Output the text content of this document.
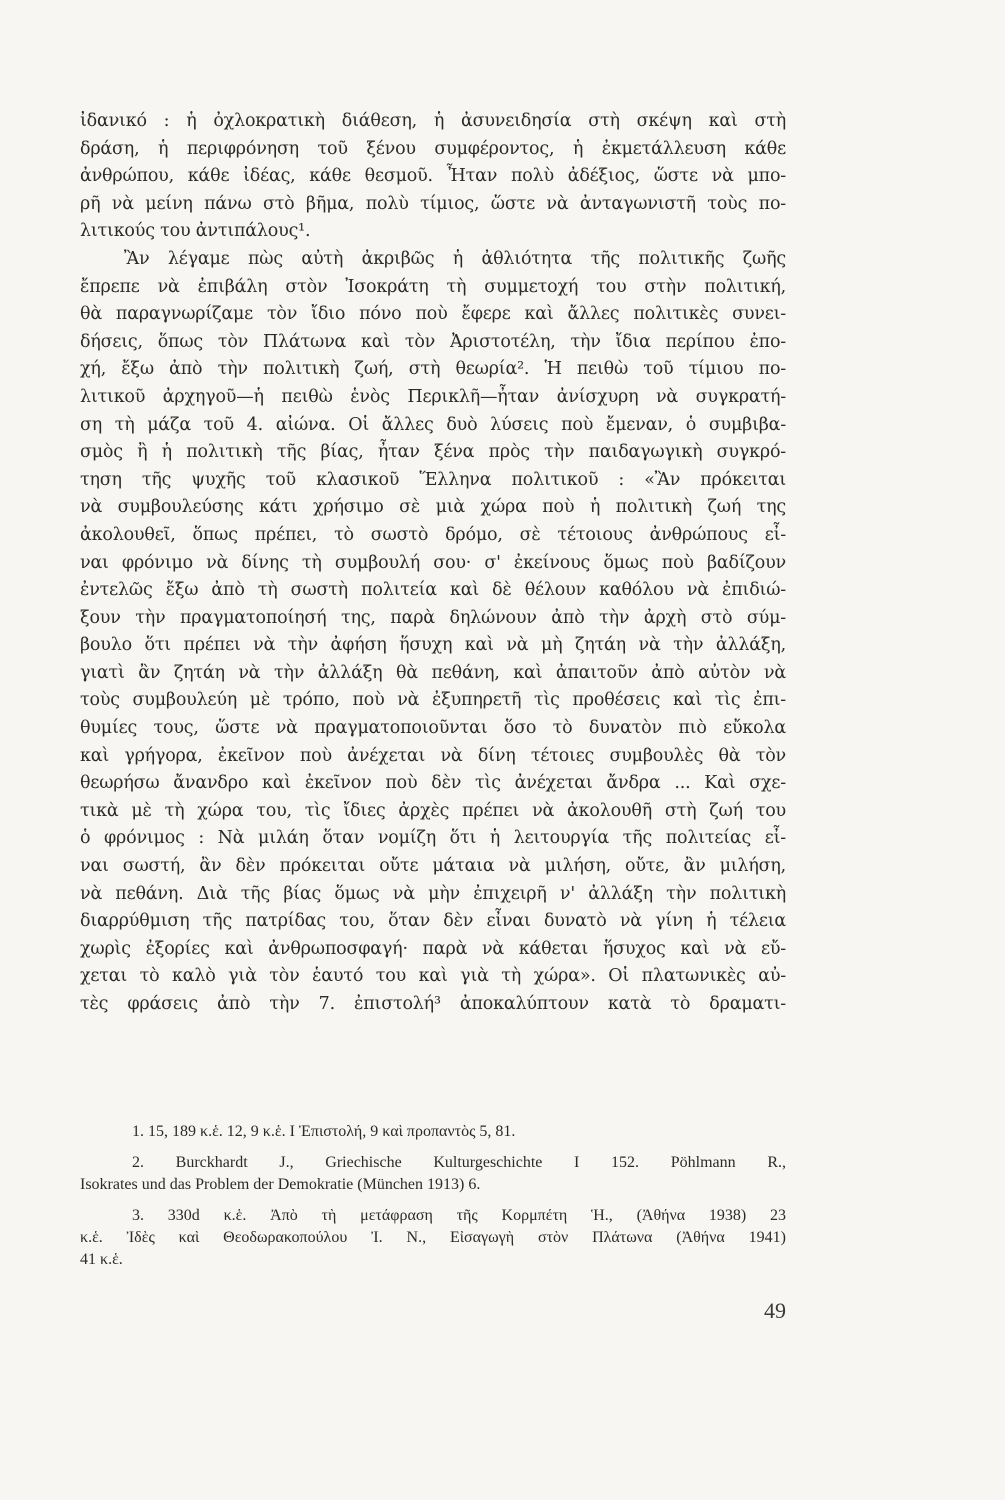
ἰδανικό : ἡ ὀχλοκρατικὴ διάθεση, ἡ ἀσυνειδησία στὴ σκέψη καὶ στὴ
δράση, ἡ περιφρόνηση τοῦ ξένου συμφέροντος, ἡ ἐκμετάλλευση κάθε
ἀνθρώπου, κάθε ἰδέας, κάθε θεσμοῦ. Ἦταν πολὺ ἀδέξιος, ὥστε νὰ μπο-
ρῆ νὰ μείνη πάνω στὸ βῆμα, πολὺ τίμιος, ὥστε νὰ ἀνταγωνιστῆ τοὺς πο-
λιτικούς του ἀντιπάλους¹.
Ἂν λέγαμε πὼς αὐτὴ ἀκριβῶς ἡ ἀθλιότητα τῆς πολιτικῆς ζωῆς
ἔπρεπε νὰ ἐπιβάλη στὸν Ἰσοκράτη τὴ συμμετοχή του στὴν πολιτική,
θὰ παραγνωρίζαμε τὸν ἴδιο πόνο ποὺ ἔφερε καὶ ἄλλες πολιτικὲς συνει-
δήσεις, ὅπως τὸν Πλάτωνα καὶ τὸν Ἀριστοτέλη, τὴν ἴδια περίπου ἐπο-
χή, ἔξω ἀπὸ τὴν πολιτικὴ ζωή, στὴ θεωρία². Ἡ πειθὼ τοῦ τίμιου πο-
λιτικοῦ ἀρχηγοῦ—ἡ πειθὼ ἑνὸς Περικλῆ—ἦταν ἀνίσχυρη νὰ συγκρατή-
ση τὴ μάζα τοῦ 4. αἰώνα. Οἱ ἄλλες δυὸ λύσεις ποὺ ἔμεναν, ὁ συμβιβα-
σμὸς ἢ ἡ πολιτικὴ τῆς βίας, ἦταν ξένα πρὸς τὴν παιδαγωγικὴ συγκρό-
τηση τῆς ψυχῆς τοῦ κλασικοῦ Ἕλληνα πολιτικοῦ : «Ἂν πρόκειται
νὰ συμβουλεύσης κάτι χρήσιμο σὲ μιὰ χώρα ποὺ ἡ πολιτικὴ ζωή της
ἀκολουθεῖ, ὅπως πρέπει, τὸ σωστὸ δρόμο, σὲ τέτοιους ἀνθρώπους εἶ-
ναι φρόνιμο νὰ δίνης τὴ συμβουλή σου· σ' ἐκείνους ὅμως ποὺ βαδίζουν
ἐντελῶς ἔξω ἀπὸ τὴ σωστὴ πολιτεία καὶ δὲ θέλουν καθόλου νὰ ἐπιδιώ-
ξουν τὴν πραγματοποίησή της, παρὰ δηλώνουν ἀπὸ τὴν ἀρχὴ στὸ σύμ-
βουλο ὅτι πρέπει νὰ τὴν ἀφήση ἥσυχη καὶ νὰ μὴ ζητάη νὰ τὴν ἀλλάξη,
γιατὶ ἂν ζητάη νὰ τὴν ἀλλάξη θὰ πεθάνη, καὶ ἀπαιτοῦν ἀπὸ αὐτὸν νὰ
τοὺς συμβουλεύη μὲ τρόπο, ποὺ νὰ ἐξυπηρετῆ τὶς προθέσεις καὶ τὶς ἐπι-
θυμίες τους, ὥστε νὰ πραγματοποιοῦνται ὅσο τὸ δυνατὸν πιὸ εὔκολα
καὶ γρήγορα, ἐκεῖνον ποὺ ἀνέχεται νὰ δίνη τέτοιες συμβουλὲς θὰ τὸν
θεωρήσω ἄνανδρο καὶ ἐκεῖνον ποὺ δὲν τὶς ἀνέχεται ἄνδρα ... Καὶ σχε-
τικὰ μὲ τὴ χώρα του, τὶς ἴδιες ἀρχὲς πρέπει νὰ ἀκολουθῆ στὴ ζωή του
ὁ φρόνιμος : Νὰ μιλάη ὅταν νομίζη ὅτι ἡ λειτουργία τῆς πολιτείας εἶ-
ναι σωστή, ἂν δὲν πρόκειται οὔτε μάταια νὰ μιλήση, οὔτε, ἂν μιλήση,
νὰ πεθάνη. Διὰ τῆς βίας ὅμως νὰ μὴν ἐπιχειρῆ ν' ἀλλάξη τὴν πολιτικὴ
διαρρύθμιση τῆς πατρίδας του, ὅταν δὲν εἶναι δυνατὸ νὰ γίνη ἡ τέλεια
χωρὶς ἐξορίες καὶ ἀνθρωποσφαγή· παρὰ νὰ κάθεται ἥσυχος καὶ νὰ εὔ-
χεται τὸ καλὸ γιὰ τὸν ἑαυτό του καὶ γιὰ τὴ χώρα». Οἱ πλατωνικὲς αὐ-
τὲς φράσεις ἀπὸ τὴν 7. ἐπιστολή³ ἀποκαλύπτουν κατὰ τὸ δραματι-
1. 15, 189 κ.ἑ. 12, 9 κ.ἑ. I Ἐπιστολή, 9 καὶ προπαντὸς 5, 81.
2. Burckhardt J., Griechische Kulturgeschichte I 152. Pöhlmann R.,
Isokrates und das Problem der Demokratie (München 1913) 6.
3. 330d κ.ἑ. Ἀπὸ τὴ μετάφραση τῆς Κορμπέτη Ἡ., (Ἀθήνα 1938) 23
κ.ἑ. Ἰδὲς καὶ Θεοδωρακοπούλου Ἰ. Ν., Εἰσαγωγὴ στὸν Πλάτωνα (Ἀθήνα 1941)
41 κ.ἑ.
49
